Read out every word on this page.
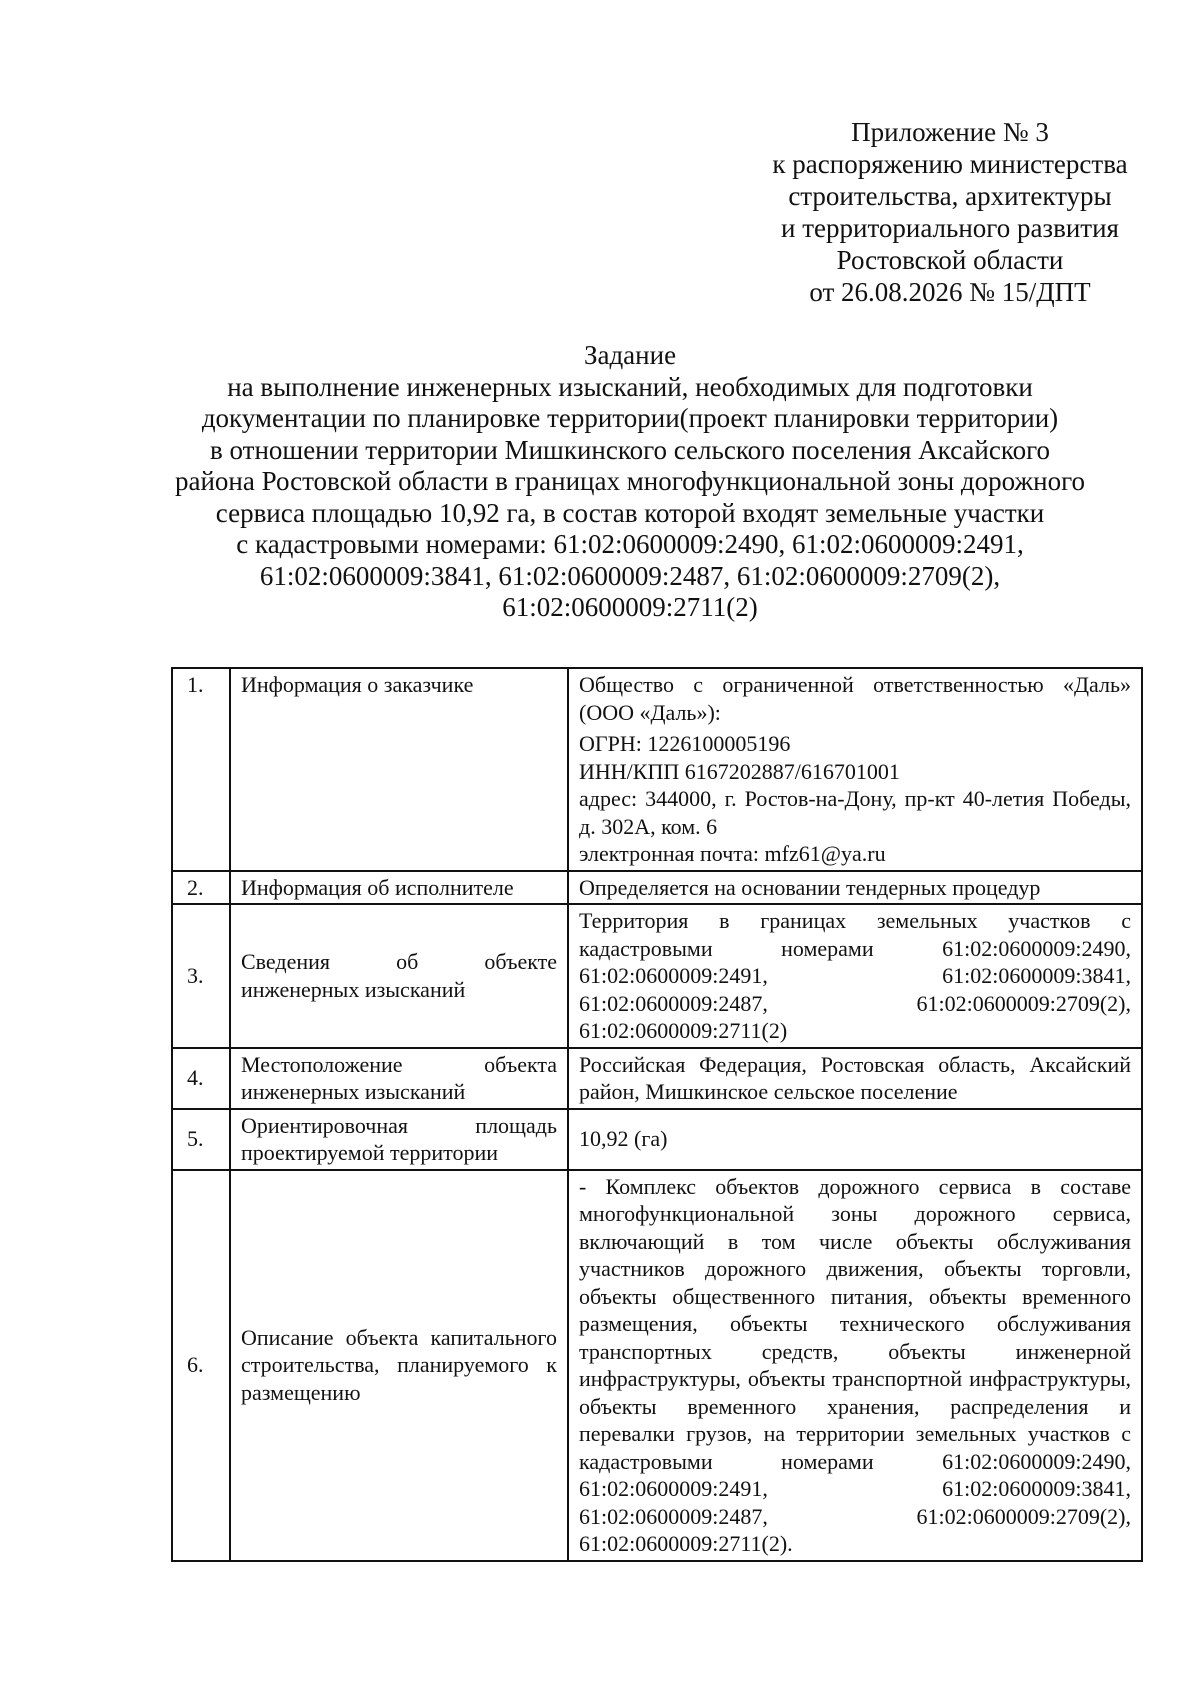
Приложение № 3
к распоряжению министерства
строительства, архитектуры
и территориального развития
Ростовской области
от 26.08.2026 № 15/ДПТ
Задание
на выполнение инженерных изысканий, необходимых для подготовки
документации по планировке территории(проект планировки территории)
в отношении территории Мишкинского сельского поселения Аксайского
района Ростовской области в границах многофункциональной зоны дорожного
сервиса площадью 10,92 га, в состав которой входят земельные участки
с кадастровыми номерами: 61:02:0600009:2490, 61:02:0600009:2491,
61:02:0600009:3841, 61:02:0600009:2487, 61:02:0600009:2709(2),
61:02:0600009:2711(2)
1.	Информация о заказчике	Общество с ограниченной ответственностью «Даль» (ООО «Даль»):
ОГРН: 1226100005196
ИНН/КПП 6167202887/616701001
адрес: 344000, г. Ростов-на-Дону, пр-кт 40-летия Победы, д. 302А, ком. 6
электронная почта: mfz61@ya.ru

2.	Информация об исполнителе	Определяется на основании тендерных процедур
3.	Сведения об объекте инженерных изысканий	Территория в границах земельных участков с кадастровыми номерами 61:02:0600009:2490, 61:02:0600009:2491, 61:02:0600009:3841, 61:02:0600009:2487, 61:02:0600009:2709(2), 61:02:0600009:2711(2)
4.	Местоположение объекта инженерных изысканий	Российская Федерация, Ростовская область, Аксайский район, Мишкинское сельское поселение
5.	Ориентировочная площадь проектируемой территории	10,92 (га)
6.	Описание объекта капитального строительства, планируемого к размещению	- Комплекс объектов дорожного сервиса в составе многофункциональной зоны дорожного сервиса, включающий в том числе объекты обслуживания участников дорожного движения, объекты торговли, объекты общественного питания, объекты временного размещения, объекты технического обслуживания транспортных средств, объекты инженерной инфраструктуры, объекты транспортной инфраструктуры, объекты временного хранения, распределения и перевалки грузов, на территории земельных участков с кадастровыми номерами 61:02:0600009:2490, 61:02:0600009:2491, 61:02:0600009:3841, 61:02:0600009:2487, 61:02:0600009:2709(2), 61:02:0600009:2711(2).
